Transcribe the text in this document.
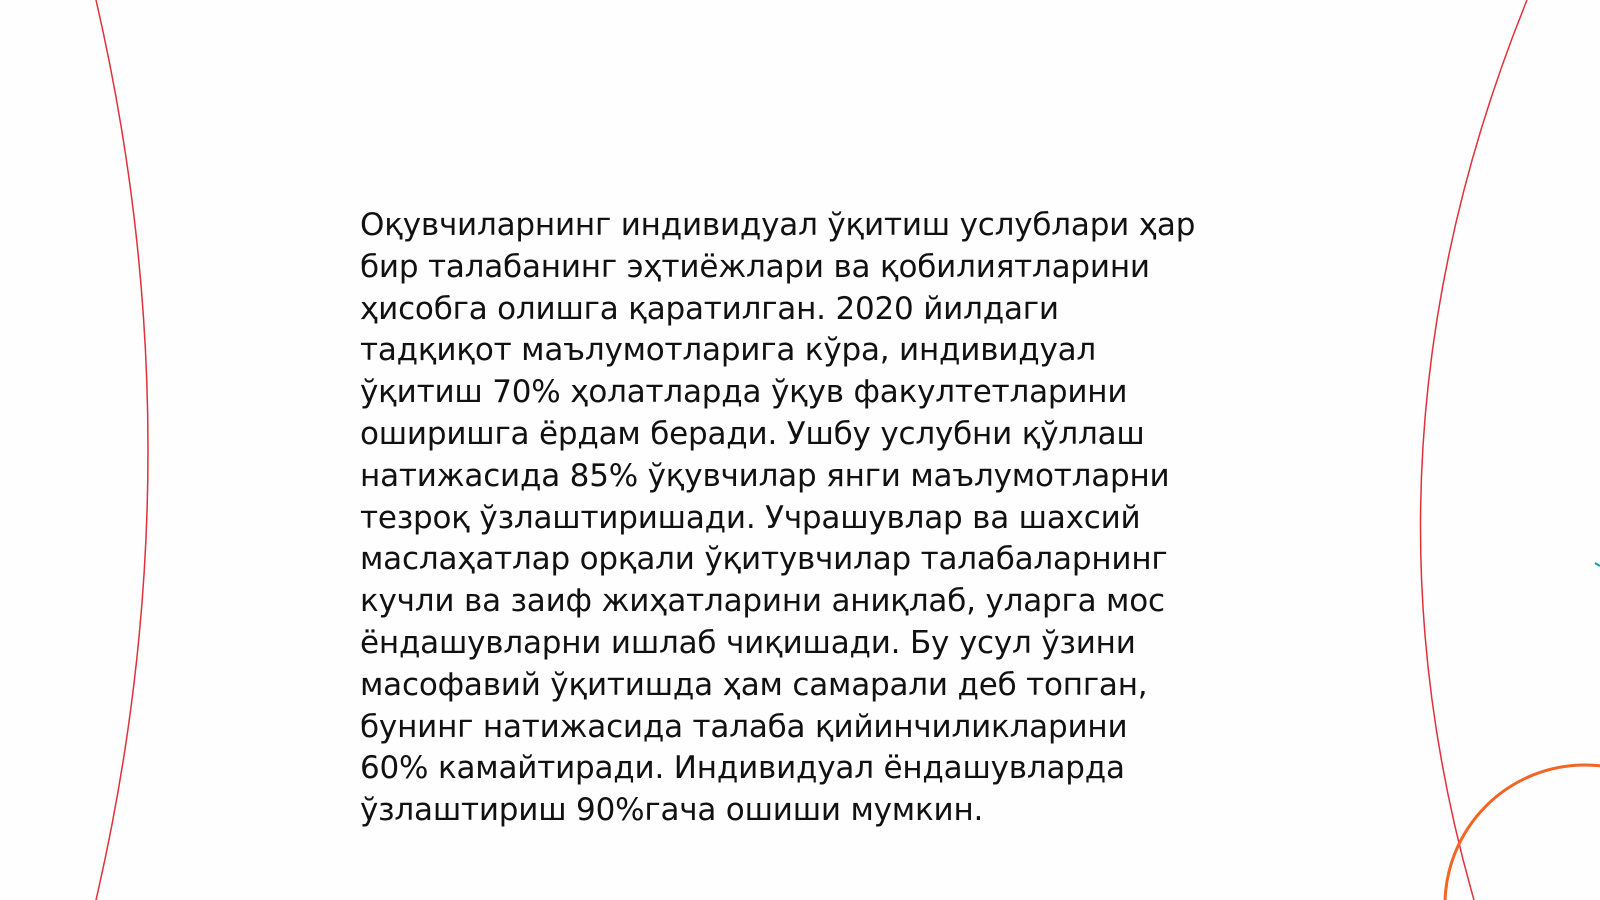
Оқувчиларнинг индивидуал ўқитиш услублари ҳар
бир талабанинг эҳтиёжлари ва қобилиятларини
ҳисобга олишга қаратилган. 2020 йилдаги
тадқиқот маълумотларига кўра, индивидуал
ўқитиш 70% ҳолатларда ўқув факултетларини
оширишга ёрдам беради. Ушбу услубни қўллаш
натижасида 85% ўқувчилар янги маълумотларни
тезроқ ўзлаштиришади. Учрашувлар ва шахсий
маслаҳатлар орқали ўқитувчилар талабаларнинг
кучли ва заиф жиҳатларини аниқлаб, уларга мос
ёндашувларни ишлаб чиқишади. Бу усул ўзини
масофавий ўқитишда ҳам самарали деб топган,
бунинг натижасида талаба қийинчиликларини
60% камайтиради. Индивидуал ёндашувларда
ўзлаштириш 90%гача ошиши мумкин.
